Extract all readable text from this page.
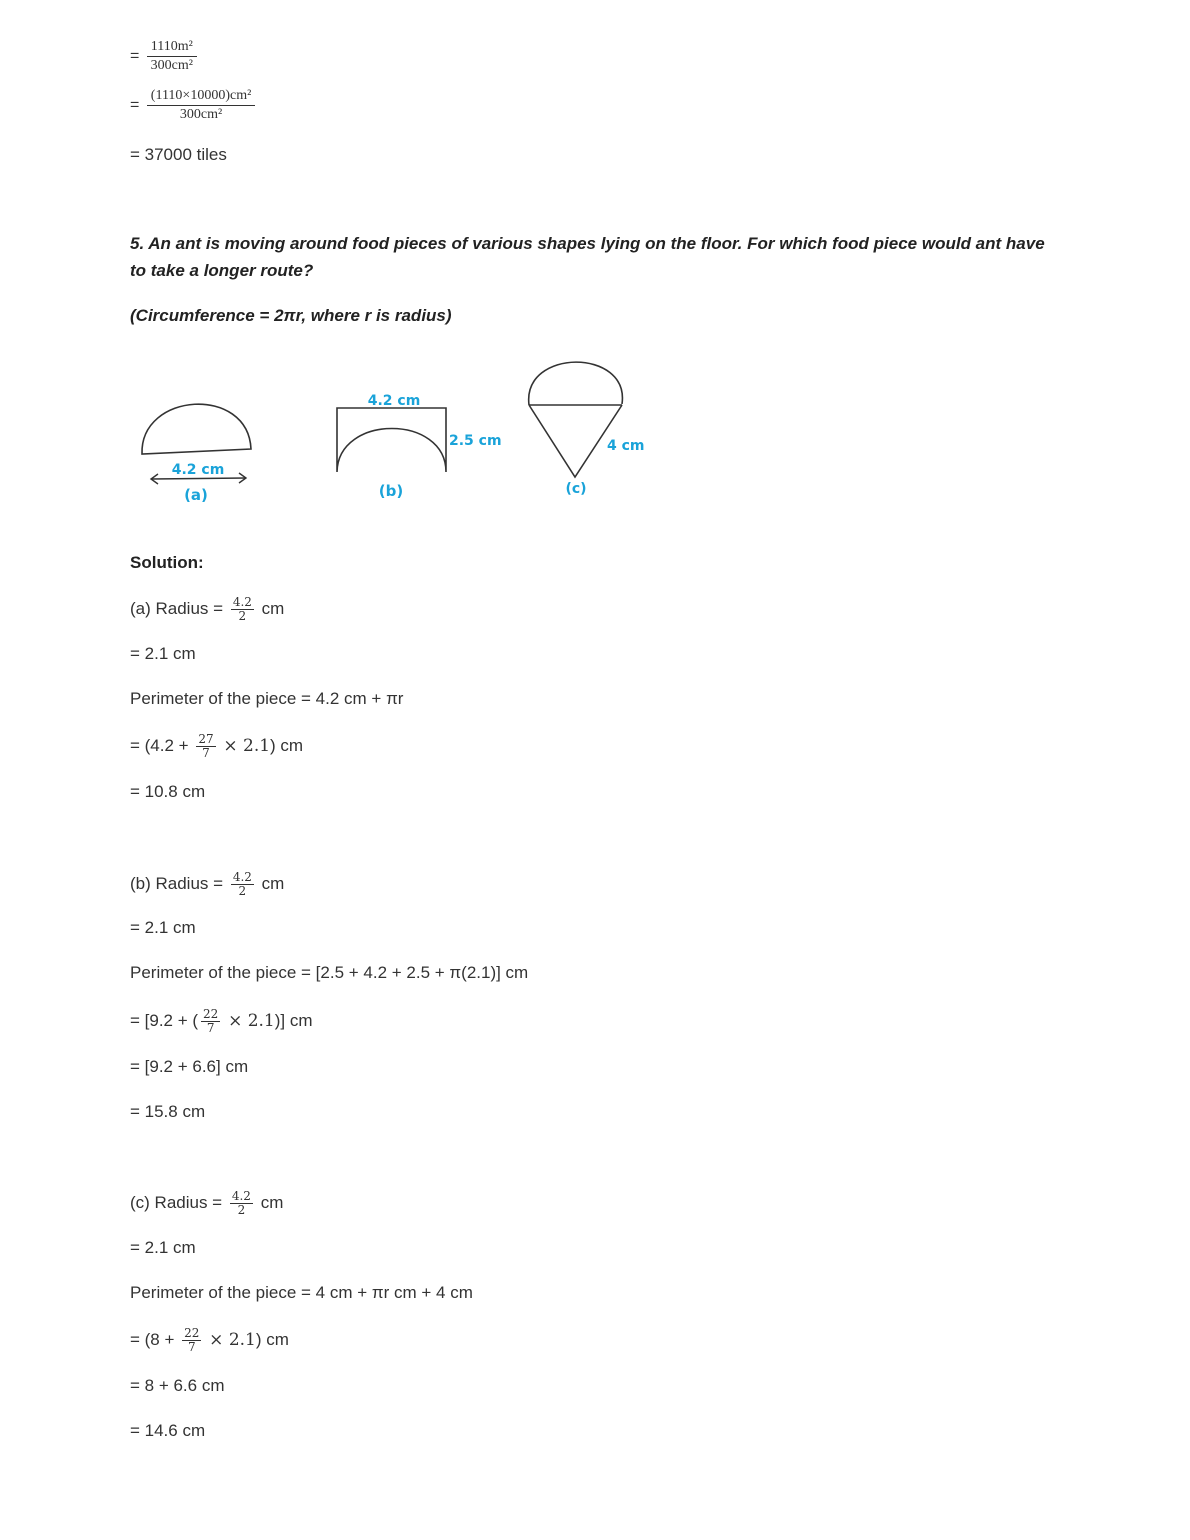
= $\frac{\text{1110m²}}{\text{300cm²}}$
= $\frac{\text{(1110×10000)cm²}}{\text{300cm²}}$
= 37000 tiles
5. An ant is moving around food pieces of various shapes lying on the floor. For which food piece would ant have
to take a longer route?
(Circumference = 2πr, where r is radius)
4.2 cm
(a)
4.2 cm
2.5 cm
(b)
4 cm
(c)
Solution:
(a) Radius = $\frac{4.2}{2}$ cm
= 2.1 cm
Perimeter of the piece = 4.2 cm + πr
= $(4.2 + \frac{27}{7} \times 2.1)$ cm
= 10.8 cm
(b) Radius = $\frac{4.2}{2}$ cm
= 2.1 cm
Perimeter of the piece = [2.5 + 4.2 + 2.5 + π(2.1)] cm
= [9.2 + ( $\frac{22}{7} \times 2.1$)] cm
= [9.2 + 6.6] cm
= 15.8 cm
(c) Radius = $\frac{4.2}{2}$ cm
= 2.1 cm
Perimeter of the piece = 4 cm + πr cm + 4 cm
= $(8 + \frac{22}{7} \times 2.1)$ cm
= 8 + 6.6 cm
= 14.6 cm
